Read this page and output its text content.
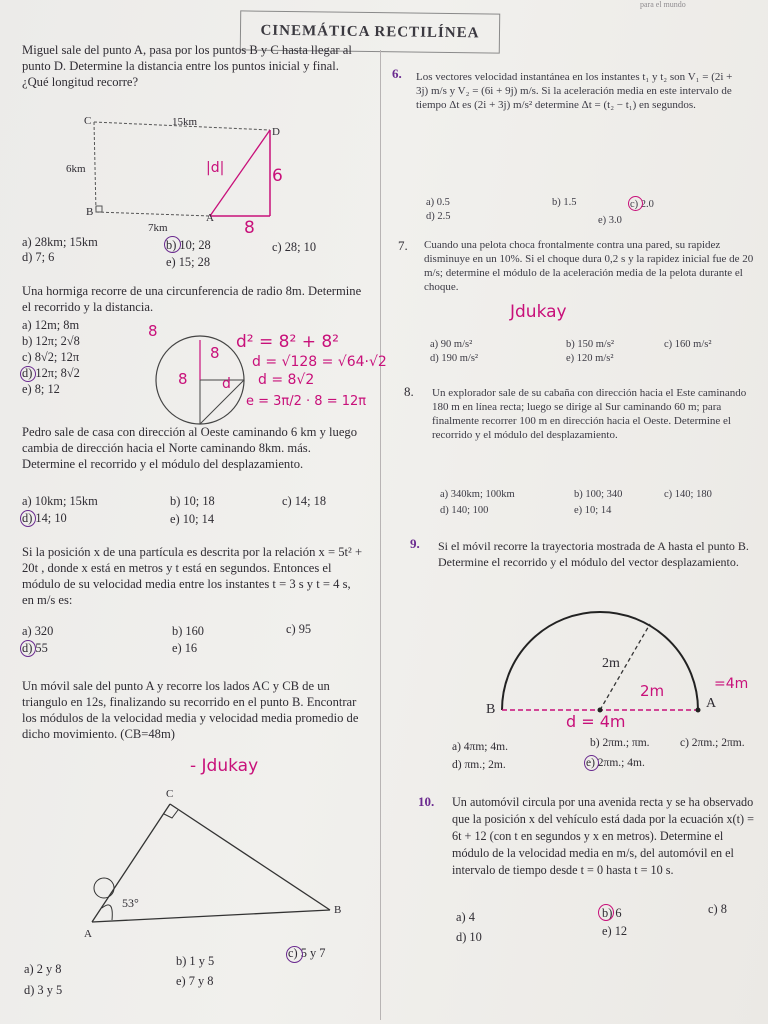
para el mundo
CINEMÁTICA RECTILÍNEA
Miguel sale del punto A, pasa por los puntos B y C hasta llegar al punto D. Determine la distancia entre los puntos inicial y final. ¿Qué longitud recorre?
C	15km
D
6km
B	A
7km	8
6
|d|
a) 28km; 15km	b) 10; 28	c) 28; 10
d) 7; 6	e) 15; 28
Una hormiga recorre de una circunferencia de radio 8m. Determine el recorrido y la distancia.
a) 12m; 8m
b) 12π; 2√8
c) 8√2; 12π
d) 12π; 8√2
e) 8; 12
8
8
8 d
d² = 8² + 8²
d = √128 = √64·√2
d = 8√2
e = 3π/2 · 8 = 12π
Pedro sale de casa con dirección al Oeste caminando 6 km y luego cambia de dirección hacia el Norte caminando 8km. más. Determine el recorrido y el módulo del desplazamiento.
a) 10km; 15km	b) 10; 18	c) 14; 18
d) 14; 10	e) 10; 14
Si la posición x de una partícula es descrita por la relación x = 5t² + 20t , donde x está en metros y t está en segundos. Entonces el módulo de su velocidad media entre los instantes t = 3 s y t = 4 s, en m/s es:
a) 320	b) 160	c) 95
d) 55	e) 16
Un móvil sale del punto A y recorre los lados AC y CB de un triangulo en 12s, finalizando su recorrido en el punto B. Encontrar los módulos de la velocidad media y velocidad media promedio de dicho movimiento. (CB=48m)
- Jdukay
C
B
A
53°
a) 2 y 8
b) 1 y 5
c) 5 y 7
d) 3 y 5
e) 7 y 8
6. Los vectores velocidad instantánea en los instantes t₁ y t₂ son V₁ = (2i + 3j) m/s y V₂ = (6i + 9j) m/s. Si la aceleración media en este intervalo de tiempo Δt es (2i + 3j) m/s² determine Δt = (t₂ − t₁) en segundos.
a) 0.5	b) 1.5	c) 2.0
d) 2.5	e) 3.0
7. Cuando una pelota choca frontalmente contra una pared, su rapidez disminuye en un 10%. Si el choque dura 0,2 s y la rapidez inicial fue de 20 m/s; determine el módulo de la aceleración media de la pelota durante el choque.
Jdukay
a) 90 m/s²	b) 150 m/s²	c) 160 m/s²
d) 190 m/s²	e) 120 m/s²
8. Un explorador sale de su cabaña con dirección hacia el Este caminando 180 m en línea recta; luego se dirige al Sur caminando 60 m; para finalmente recorrer 100 m en dirección hacia el Oeste. Determine el recorrido y el módulo del desplazamiento.
a) 340km; 100km	b) 100; 340	c) 140; 180
d) 140; 100	e) 10; 14
9. Si el móvil recorre la trayectoria mostrada de A hasta el punto B. Determine el recorrido y el módulo del vector desplazamiento.
B	A
2m
2m	=4m
d = 4m
a) 4πm; 4m.	b) 2πm.; πm.	c) 2πm.; 2πm.
d) πm.; 2m.	e) 2πm.; 4m.
10. Un automóvil circula por una avenida recta y se ha observado que la posición x del vehículo está dada por la ecuación x(t) = 6t + 12 (con t en segundos y x en metros). Determine el módulo de la velocidad media en m/s, del automóvil en el intervalo de tiempo desde t = 0 hasta t = 10 s.
a) 4	b) 6	c) 8
d) 10	e) 12
